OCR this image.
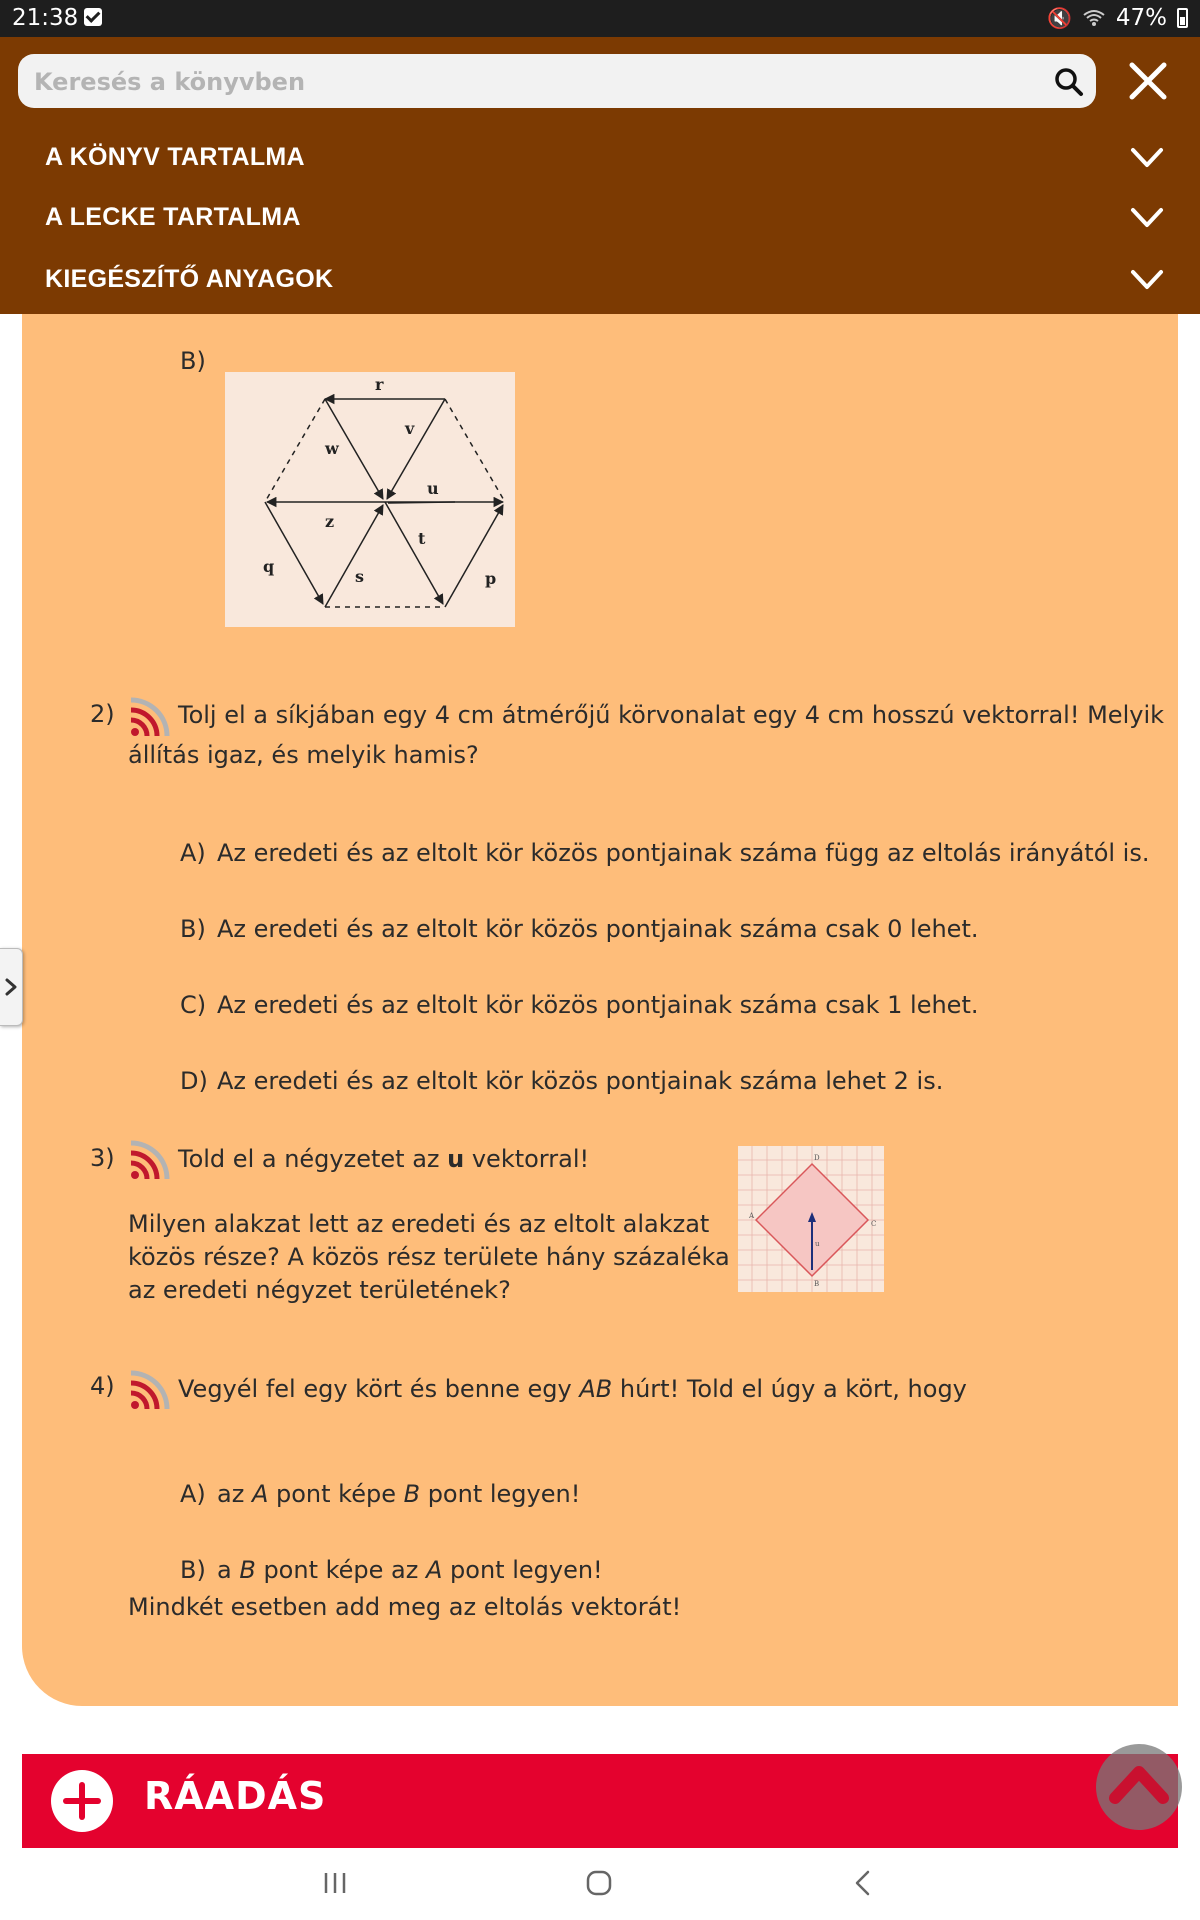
21:38	🔇 47%
Keresés a könyvben
A KÖNYV TARTALMA
A LECKE TARTALMA
KIEGÉSZÍTŐ ANYAGOK
B)
r
v
w
u
z
t
q
s	p
2)	Tolj el a síkjában egy 4 cm átmérőjű körvonalat egy 4 cm hosszú vektorral! Melyik
állítás igaz, és melyik hamis?
A) Az eredeti és az eltolt kör közös pontjainak száma függ az eltolás irányától is.
B) Az eredeti és az eltolt kör közös pontjainak száma csak 0 lehet.
C) Az eredeti és az eltolt kör közös pontjainak száma csak 1 lehet.
D) Az eredeti és az eltolt kör közös pontjainak száma lehet 2 is.
3)	Told el a négyzetet az u vektorral!
Milyen alakzat lett az eredeti és az eltolt alakzat
közös része? A közös rész területe hány százaléka
az eredeti négyzet területének?
D
A
C
u
B
4)	Vegyél fel egy kört és benne egy AB húrt! Told el úgy a kört, hogy
A) az A pont képe B pont legyen!
B) a B pont képe az A pont legyen!
Mindkét esetben add meg az eltolás vektorát!
RÁADÁS
